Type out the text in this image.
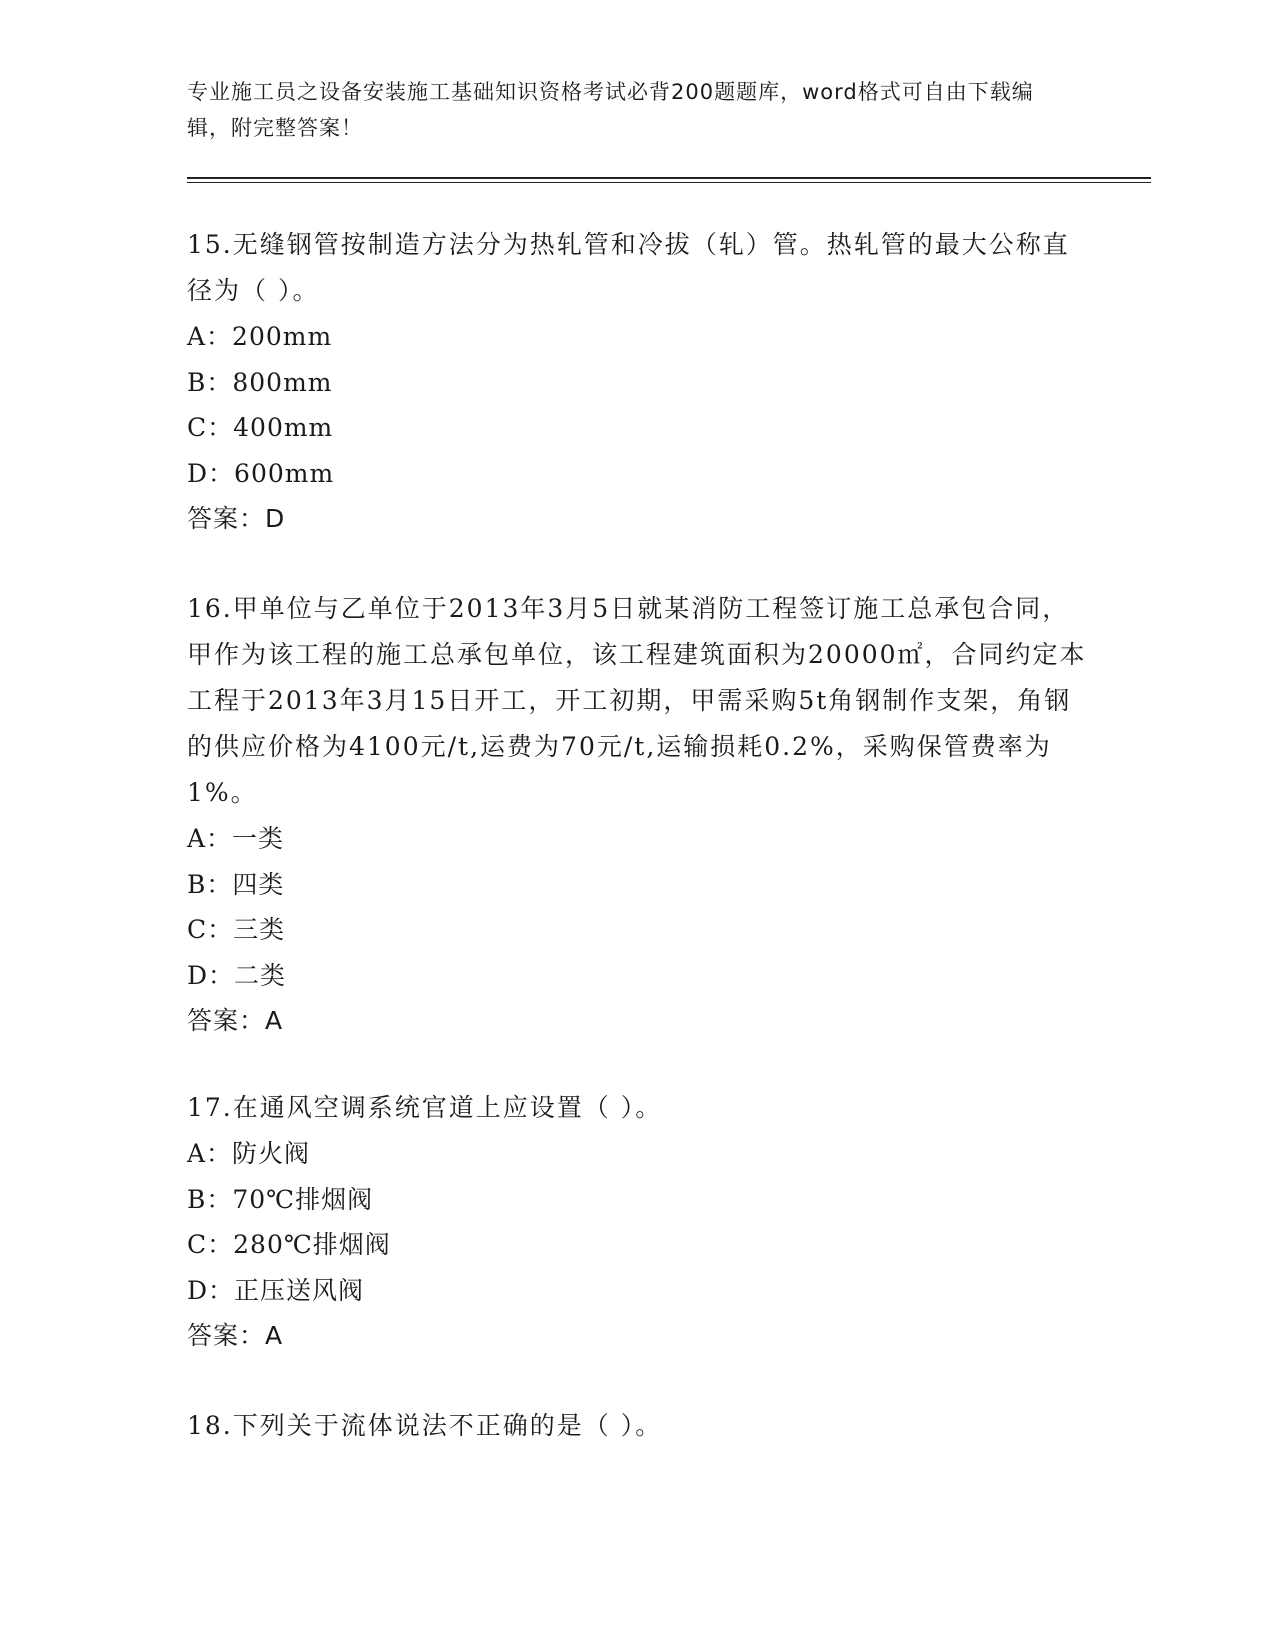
专业施工员之设备安装施工基础知识资格考试必背200题题库，word格式可自由下载编辑，附完整答案！

15.无缝钢管按制造方法分为热轧管和冷拔（轧）管。热轧管的最大公称直径为（ ）。

A：200mm

B：800mm

C：400mm

D：600mm

答案：D

16.甲单位与乙单位于2013年3月5日就某消防工程签订施工总承包合同，甲作为该工程的施工总承包单位，该工程建筑面积为20000㎡，合同约定本工程于2013年3月15日开工，开工初期，甲需采购5t角钢制作支架，角钢的供应价格为4100元/t,运费为70元/t,运输损耗0.2%，采购保管费率为1%。

A：一类

B：四类

C：三类

D：二类

答案：A

17.在通风空调系统官道上应设置（ ）。

A：防火阀

B：70℃排烟阀

C：280℃排烟阀

D：正压送风阀

答案：A

18.下列关于流体说法不正确的是（ ）。
